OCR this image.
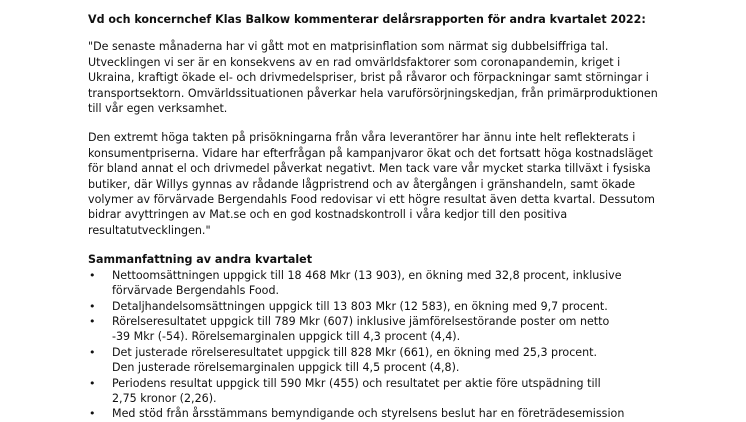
Vd och koncernchef Klas Balkow kommenterar delårsrapporten för andra kvartalet 2022:
"De senaste månaderna har vi gått mot en matprisinflation som närmat sig dubbelsiffriga tal.
Utvecklingen vi ser är en konsekvens av en rad omvärldsfaktorer som coronapandemin, kriget i
Ukraina, kraftigt ökade el- och drivmedelspriser, brist på råvaror och förpackningar samt störningar i
transportsektorn. Omvärldssituationen påverkar hela varuförsörjningskedjan, från primärproduktionen
till vår egen verksamhet.
Den extremt höga takten på prisökningarna från våra leverantörer har ännu inte helt reflekterats i
konsumentpriserna. Vidare har efterfrågan på kampanjvaror ökat och det fortsatt höga kostnadsläget
för bland annat el och drivmedel påverkat negativt. Men tack vare vår mycket starka tillväxt i fysiska
butiker, där Willys gynnas av rådande lågpristrend och av återgången i gränshandeln, samt ökade
volymer av förvärvade Bergendahls Food redovisar vi ett högre resultat även detta kvartal. Dessutom
bidrar avyttringen av Mat.se och en god kostnadskontroll i våra kedjor till den positiva
resultatutvecklingen."
Sammanfattning av andra kvartalet
• Nettoomsättningen uppgick till 18 468 Mkr (13 903), en ökning med 32,8 procent, inklusive
förvärvade Bergendahls Food.
• Detaljhandelsomsättningen uppgick till 13 803 Mkr (12 583), en ökning med 9,7 procent.
• Rörelseresultatet uppgick till 789 Mkr (607) inklusive jämförelsestörande poster om netto
-39 Mkr (-54). Rörelsemarginalen uppgick till 4,3 procent (4,4).
• Det justerade rörelseresultatet uppgick till 828 Mkr (661), en ökning med 25,3 procent.
Den justerade rörelsemarginalen uppgick till 4,5 procent (4,8).
• Periodens resultat uppgick till 590 Mkr (455) och resultatet per aktie före utspädning till
2,75 kronor (2,26).
• Med stöd från årsstämmans bemyndigande och styrelsens beslut har en företrädesemission
